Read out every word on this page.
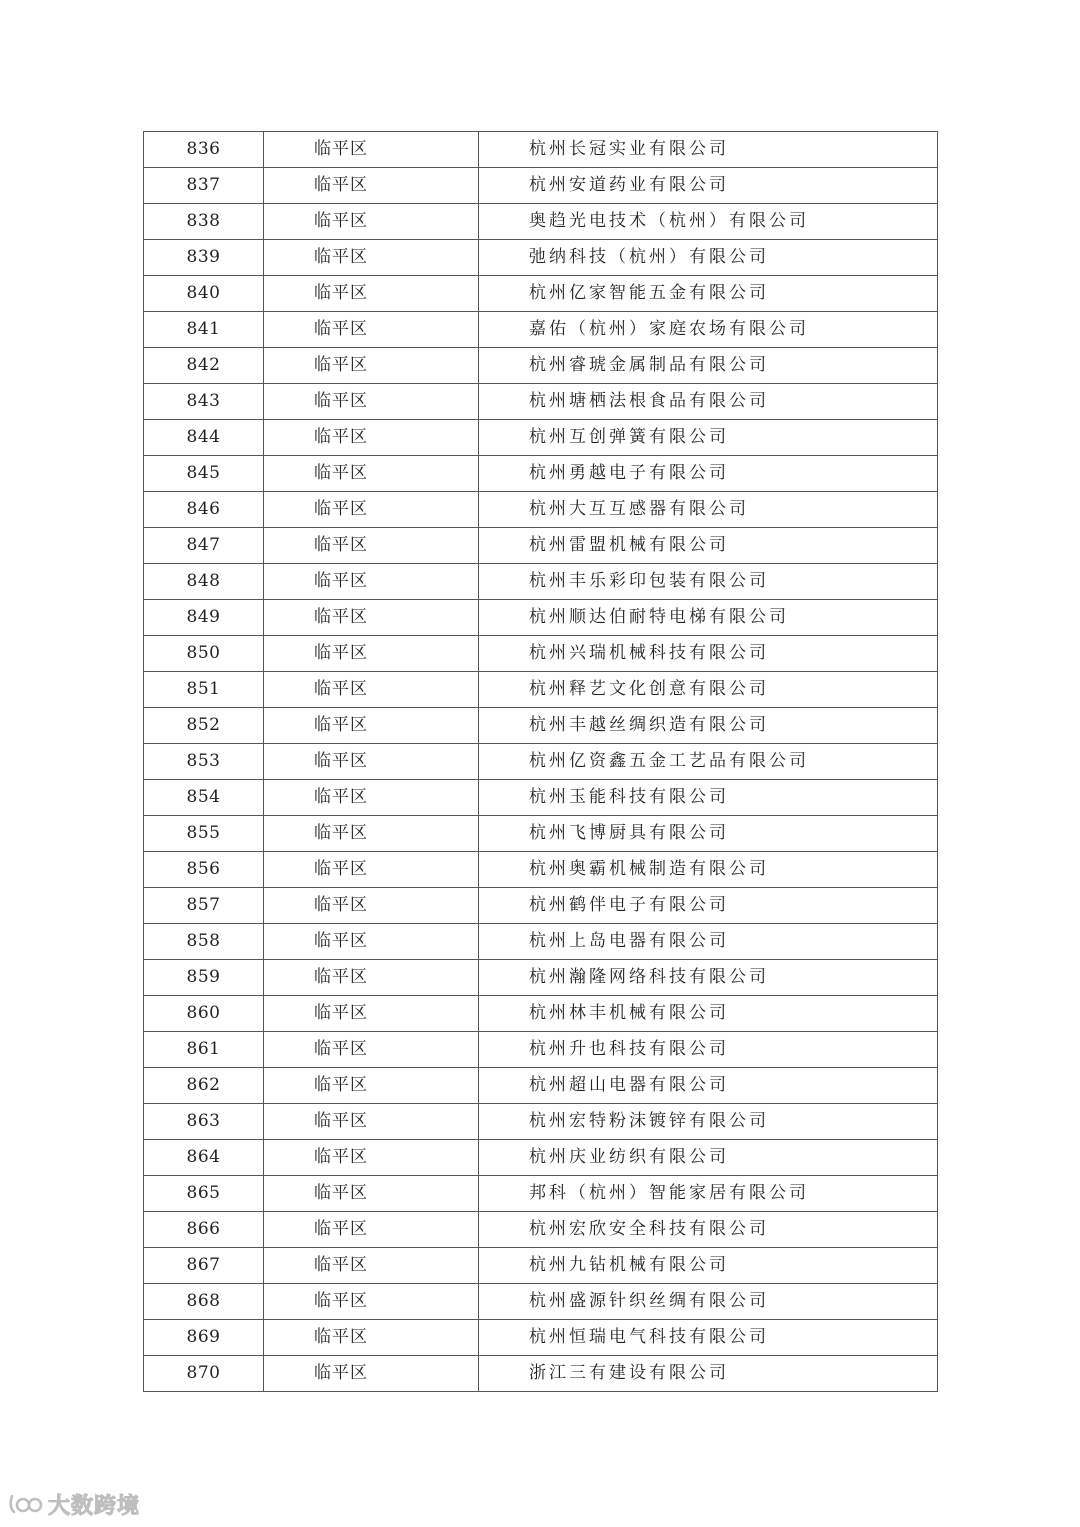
836	临平区	杭州长冠实业有限公司
837	临平区	杭州安道药业有限公司
838	临平区	奥趋光电技术（杭州）有限公司
839	临平区	弛纳科技（杭州）有限公司
840	临平区	杭州亿家智能五金有限公司
841	临平区	嘉佑（杭州）家庭农场有限公司
842	临平区	杭州睿琥金属制品有限公司
843	临平区	杭州塘栖法根食品有限公司
844	临平区	杭州互创弹簧有限公司
845	临平区	杭州勇越电子有限公司
846	临平区	杭州大互互感器有限公司
847	临平区	杭州雷盟机械有限公司
848	临平区	杭州丰乐彩印包装有限公司
849	临平区	杭州顺达伯耐特电梯有限公司
850	临平区	杭州兴瑞机械科技有限公司
851	临平区	杭州释艺文化创意有限公司
852	临平区	杭州丰越丝绸织造有限公司
853	临平区	杭州亿资鑫五金工艺品有限公司
854	临平区	杭州玉能科技有限公司
855	临平区	杭州飞博厨具有限公司
856	临平区	杭州奥霸机械制造有限公司
857	临平区	杭州鹤伴电子有限公司
858	临平区	杭州上岛电器有限公司
859	临平区	杭州瀚隆网络科技有限公司
860	临平区	杭州林丰机械有限公司
861	临平区	杭州升也科技有限公司
862	临平区	杭州超山电器有限公司
863	临平区	杭州宏特粉沫镀锌有限公司
864	临平区	杭州庆业纺织有限公司
865	临平区	邦科（杭州）智能家居有限公司
866	临平区	杭州宏欣安全科技有限公司
867	临平区	杭州九钻机械有限公司
868	临平区	杭州盛源针织丝绸有限公司
869	临平区	杭州恒瑞电气科技有限公司
870	临平区	浙江三有建设有限公司
大数跨境
